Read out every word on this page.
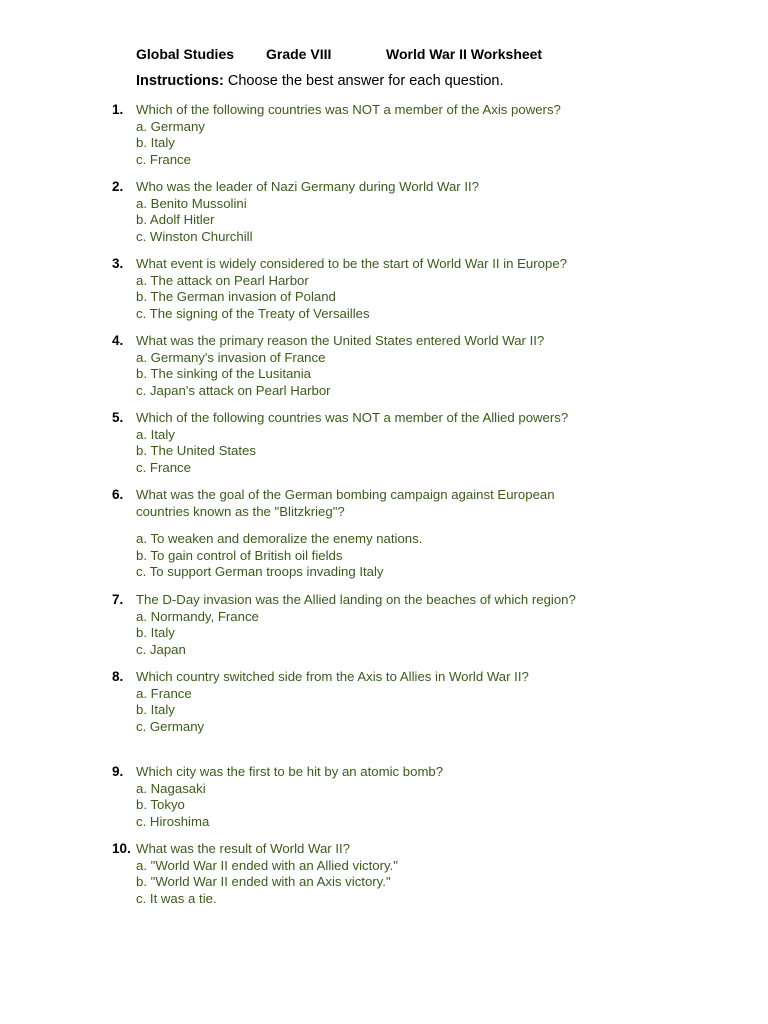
Global Studies Grade VIII	World War II Worksheet
Instructions: Choose the best answer for each question.
1. Which of the following countries was NOT a member of the Axis powers?
a. Germany
b. Italy
c. France
2. Who was the leader of Nazi Germany during World War II?
a. Benito Mussolini
b. Adolf Hitler
c. Winston Churchill
3. What event is widely considered to be the start of World War II in Europe?
a. The attack on Pearl Harbor
b. The German invasion of Poland
c. The signing of the Treaty of Versailles
4. What was the primary reason the United States entered World War II?
a. Germany's invasion of France
b. The sinking of the Lusitania
c. Japan's attack on Pearl Harbor
5. Which of the following countries was NOT a member of the Allied powers?
a. Italy
b. The United States
c. France
6. What was the goal of the German bombing campaign against European countries known as the "Blitzkrieg"?
a. To weaken and demoralize the enemy nations.
b. To gain control of British oil fields
c. To support German troops invading Italy
7. The D-Day invasion was the Allied landing on the beaches of which region?
a. Normandy, France
b. Italy
c. Japan
8. Which country switched side from the Axis to Allies in World War II?
a. France
b. Italy
c. Germany
9. Which city was the first to be hit by an atomic bomb?
a. Nagasaki
b. Tokyo
c. Hiroshima
10. What was the result of World War II?
a. "World War II ended with an Allied victory."
b. "World War II ended with an Axis victory."
c. It was a tie.
